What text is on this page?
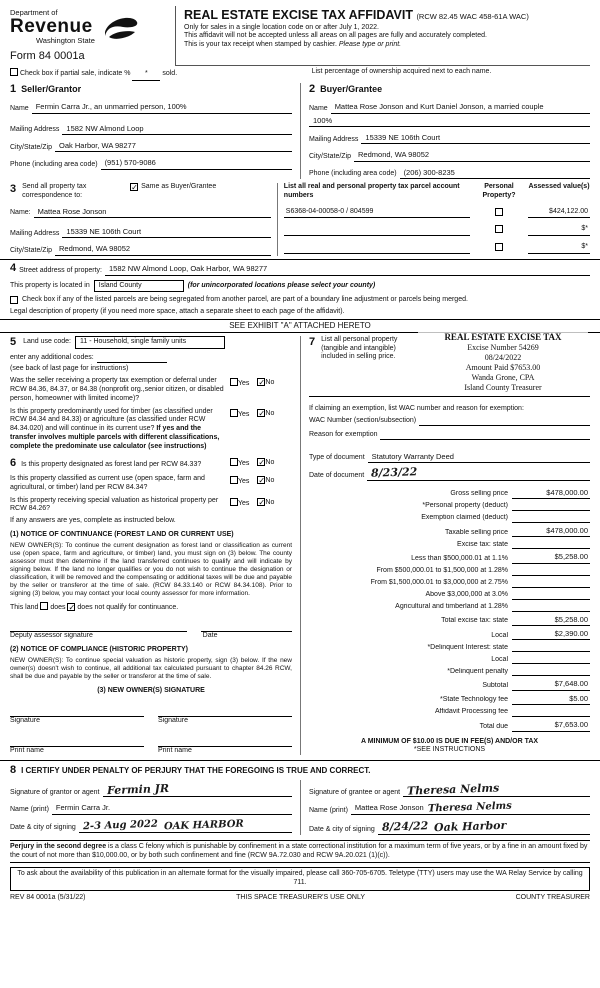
Department of
Revenue
Washington State
Form 84 0001a
REAL ESTATE EXCISE TAX AFFIDAVIT (RCW 82.45 WAC 458-61A WAC)
Only for sales in a single location code on or after July 1, 2022.
This affidavit will not be accepted unless all areas on all pages are fully and accurately completed.
This is your tax receipt when stamped by cashier. Please type or print.
Check box if partial sale, indicate % * sold.	List percentage of ownership acquired next to each name.
1 Seller/Grantor
Name Fermin Carra Jr., an unmarried person, 100%
Mailing Address 1582 NW Almond Loop
City/State/Zip Oak Harbor, WA 98277
Phone (including area code) (951) 570-9086
2 Buyer/Grantee
Name Mattea Rose Jonson and Kurt Daniel Jonson, a married couple
100%
Mailing Address 15339 NE 106th Court
City/State/Zip Redmond, WA 98052
Phone (including area code) (206) 300-8235
3 Send all property tax correspondence to:
✓ Same as Buyer/Grantee
Name: Mattea Rose Jonson
Mailing Address 15339 NE 106th Court
City/State/Zip Redmond, WA 98052
List all real and personal property tax parcel account numbers
Personal Property?
Assessed value(s)
S6368-04-00058-0 / 804599	$424,122.00
$*
$*
4 Street address of property: 1582 NW Almond Loop, Oak Harbor, WA 98277
This property is located in	Island County	(for unincorporated locations please select your county)
Check box if any of the listed parcels are being segregated from another parcel, are part of a boundary line adjustment or parcels being merged.
Legal description of property (if you need more space, attach a separate sheet to each page of the affidavit).
SEE EXHIBIT "A" ATTACHED HERETO
5 Land use code:	11 - Household, single family units
enter any additional codes:
(see back of last page for instructions)
Was the seller receiving a property tax exemption or deferral under RCW 84.36, 84.37, or 84.38 (nonprofit org.,senior citizen, or disabled person, homeowner with limited income)?
Yes ✓No
Is this property predominantly used for timber (as classified under RCW 84.34 and 84.33) or agriculture (as classified under RCW 84.34.020) and will continue in its current use? If yes and the transfer involves multiple parcels with different classifications, complete the predominate use calculator (see instructions)
Yes ✓No
6 Is this property designated as forest land per RCW 84.33?	Yes ✓No
Is this property classified as current use (open space, farm and agricultural, or timber) land per RCW 84.34?
Yes ✓No
Is this property receiving special valuation as historical property per RCW 84.26?
Yes ✓No
If any answers are yes, complete as instructed below.
(1) NOTICE OF CONTINUANCE (FOREST LAND OR CURRENT USE)
NEW OWNER(S): To continue the current designation as forest land or classification as current use (open space, farm and agriculture, or timber) land, you must sign on (3) below. The county assessor must then determine if the land transferred continues to qualify and will indicate by signing below. If the land no longer qualifies or you do not wish to continue the designation or classification, it will be removed and the compensating or additional taxes will be due and payable by the seller or transferor at the time of sale. (RCW 84.33.140 or RCW 84.34.108). Prior to signing (3) below, you may contact your local county assessor for more information.
This land does ✓ does not qualify for continuance.
Deputy assessor signature	Date
(2) NOTICE OF COMPLIANCE (HISTORIC PROPERTY)
NEW OWNER(S): To continue special valuation as historic property, sign (3) below. If the new owner(s) doesn't wish to continue, all additional tax calculated pursuant to chapter 84.26 RCW, shall be due and payable by the seller or transferor at the time of sale.
(3) NEW OWNER(S) SIGNATURE
Signature	Signature
Print name	Print name
7 List all personal property (tangible and intangible) included in selling price.
REAL ESTATE EXCISE TAX
Excise Number 54269
08/24/2022
Amount Paid $7653.00
Wanda Grone, CPA
Island County Treasurer
If claiming an exemption, list WAC number and reason for exemption:
WAC Number (section/subsection)
Reason for exemption
Type of document Statutory Warranty Deed
Date of document 8/23/22
Gross selling price	$478,000.00
*Personal property (deduct)
Exemption claimed (deduct)
Taxable selling price	$478,000.00
Excise tax: state
Less than $500,000.01 at 1.1%	$5,258.00
From $500,000.01 to $1,500,000 at 1.28%
From $1,500,000.01 to $3,000,000 at 2.75%
Above $3,000,000 at 3.0%
Agricultural and timberland at 1.28%
Total excise tax: state	$5,258.00
Local	$2,390.00
*Delinquent Interest: state
Local
*Delinquent penalty
Subtotal	$7,648.00
*State Technology fee	$5.00
Affidavit Processing fee
Total due	$7,653.00
A MINIMUM OF $10.00 IS DUE IN FEE(S) AND/OR TAX
*SEE INSTRUCTIONS
8 I CERTIFY UNDER PENALTY OF PERJURY THAT THE FOREGOING IS TRUE AND CORRECT.
Signature of grantor or agent Fermin JR
Name (print) Fermin Carra Jr.
Date & city of signing 2-3 Aug 2022 OAK HARBOR
Signature of grantee or agent Theresa Nelms
Name (print) Mattea Rose Jonson Theresa Nelms
Date & city of signing 8/24/22 Oak Harbor
Perjury in the second degree is a class C felony which is punishable by confinement in a state correctional institution for a maximum term of five years, or by a fine in an amount fixed by the court of not more than $10,000.00, or by both such confinement and fine (RCW 9A.72.030 and RCW 9A.20.021 (1)(c)).
To ask about the availability of this publication in an alternate format for the visually impaired, please call 360-705-6705. Teletype (TTY) users may use the WA Relay Service by calling 711.
REV 84 0001a (5/31/22)	THIS SPACE TREASURER'S USE ONLY	COUNTY TREASURER
